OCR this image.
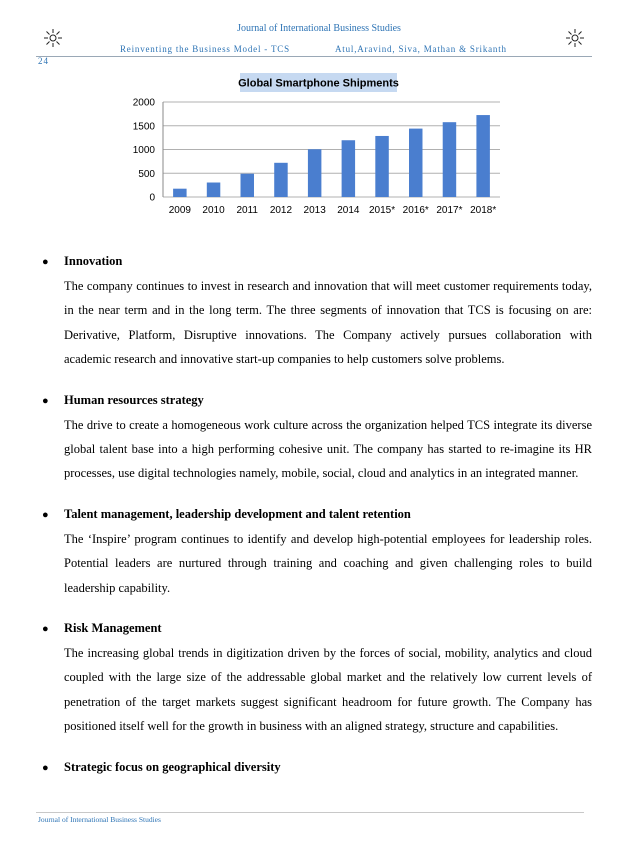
Journal of International Business Studies
Reinventing the Business Model - TCS	Atul,Aravind, Siva, Mathan & Srikanth
24
Global Smartphone Shipments
0
500
1000
1500
2000
2009 2010 2011 2012 2013 2014 2015* 2016* 2017* 2018*
●	Innovation

The company continues to invest in research and innovation that will meet customer requirements today, in the near term and in the long term. The three segments of innovation that TCS is focusing on are: Derivative, Platform, Disruptive innovations. The Company actively pursues collaboration with academic research and innovative start-up companies to help customers solve problems.

●	Human resources strategy

The drive to create a homogeneous work culture across the organization helped TCS integrate its diverse global talent base into a high performing cohesive unit. The company has started to re-imagine its HR processes, use digital technologies namely, mobile, social, cloud and analytics in an integrated manner.

●	Talent management, leadership development and talent retention

The ‘Inspire’ program continues to identify and develop high-potential employees for leadership roles. Potential leaders are nurtured through training and coaching and given challenging roles to build leadership capability.

●	Risk Management

The increasing global trends in digitization driven by the forces of social, mobility, analytics and cloud coupled with the large size of the addressable global market and the relatively low current levels of penetration of the target markets suggest significant headroom for future growth. The Company has positioned itself well for the growth in business with an aligned strategy, structure and capabilities.

●	Strategic focus on geographical diversity
Journal of International Business Studies
